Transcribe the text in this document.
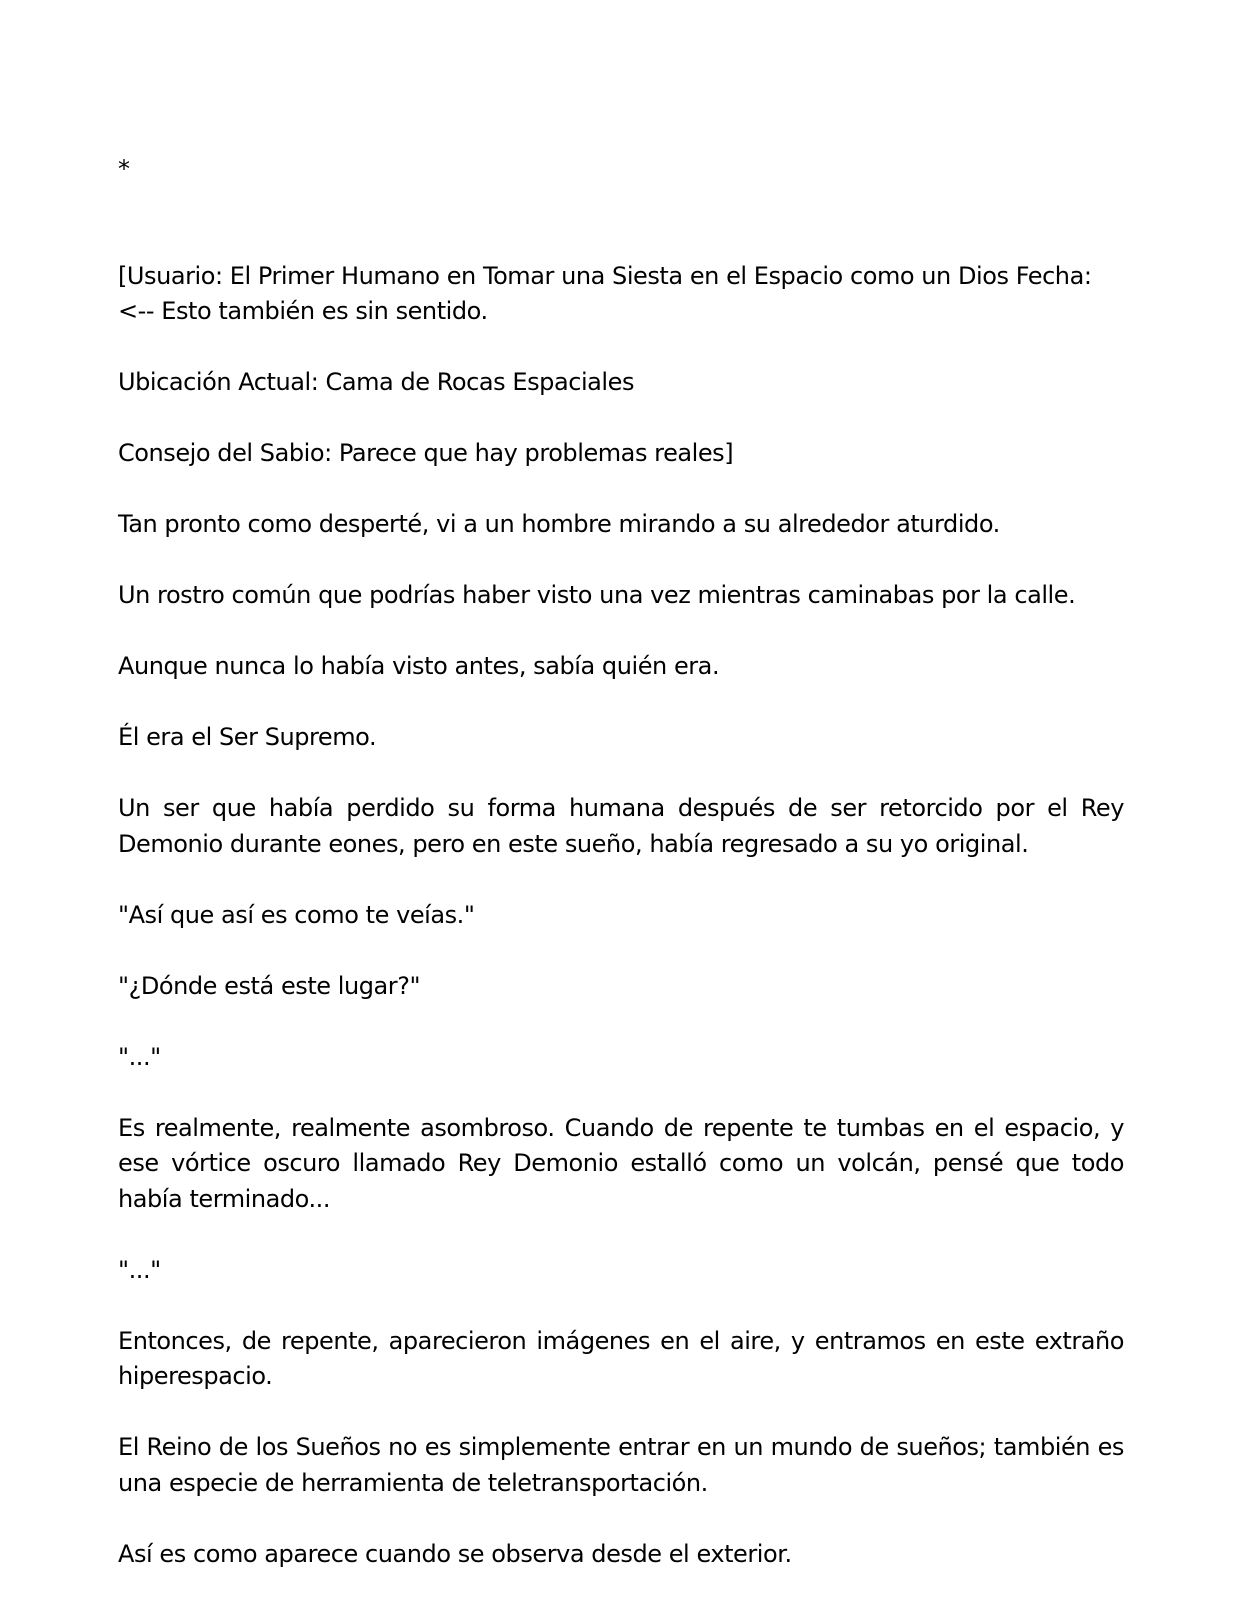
*

[Usuario: El Primer Humano en Tomar una Siesta en el Espacio como un Dios Fecha:
<-- Esto también es sin sentido.

Ubicación Actual: Cama de Rocas Espaciales

Consejo del Sabio: Parece que hay problemas reales]

Tan pronto como desperté, vi a un hombre mirando a su alrededor aturdido.

Un rostro común que podrías haber visto una vez mientras caminabas por la calle.

Aunque nunca lo había visto antes, sabía quién era.

Él era el Ser Supremo.

Un ser que había perdido su forma humana después de ser retorcido por el Rey Demonio durante eones, pero en este sueño, había regresado a su yo original.

"Así que así es como te veías."

"¿Dónde está este lugar?"

"..."

Es realmente, realmente asombroso. Cuando de repente te tumbas en el espacio, y ese vórtice oscuro llamado Rey Demonio estalló como un volcán, pensé que todo había terminado...

"..."

Entonces, de repente, aparecieron imágenes en el aire, y entramos en este extraño hiperespacio.

El Reino de los Sueños no es simplemente entrar en un mundo de sueños; también es una especie de herramienta de teletransportación.

Así es como aparece cuando se observa desde el exterior.
